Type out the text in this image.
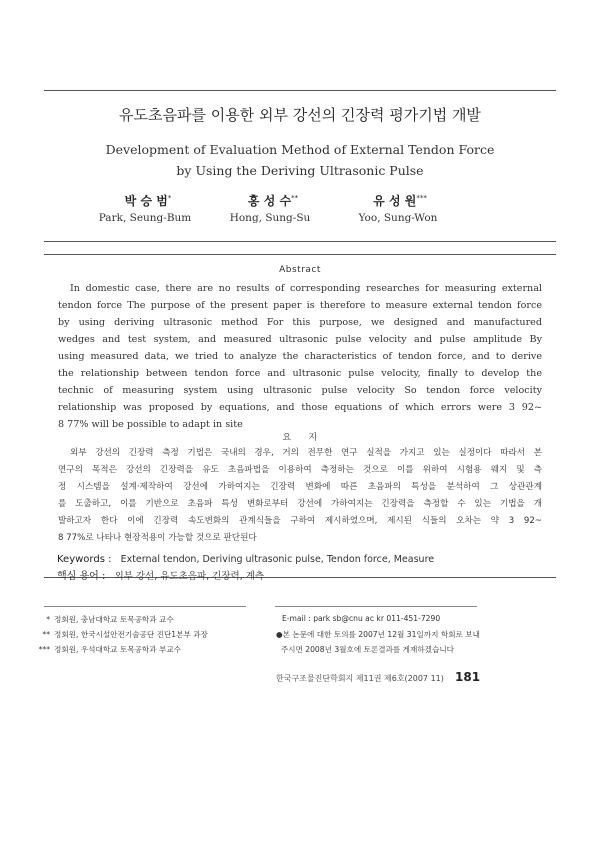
유도초음파를 이용한 외부 강선의 긴장력 평가기법 개발
Development of Evaluation Method of External Tendon Force
by Using the Deriving Ultrasonic Pulse
박 승 범*	홍 성 수**	유 성 원***
Park, Seung-Bum	Hong, Sung-Su	Yoo, Sung-Won
Abstract
In domestic case, there are no results of corresponding researches for measuring external
tendon force The purpose of the present paper is therefore to measure external tendon force
by using deriving ultrasonic method For this purpose, we designed and manufactured
wedges and test system, and measured ultrasonic pulse velocity and pulse amplitude By
using measured data, we tried to analyze the characteristics of tendon force, and to derive
the relationship between tendon force and ultrasonic pulse velocity, finally to develop the
technic of measuring system using ultrasonic pulse velocity So tendon force velocity
relationship was proposed by equations, and those equations of which errors were 3 92~
8 77% will be possible to adapt in site
요     지
외부 강선의 긴장력 측정 기법은 국내의 경우, 거의 전무한 연구 실적을 가지고 있는 실정이다 따라서 본
연구의 목적은 강선의 긴장력을 유도 초음파법을 이용하여 측정하는 것으로 이를 위하여 시험용 웨지 및 측
정 시스템을 설계·제작하여 강선에 가하여지는 긴장력 변화에 따른 초음파의 특성을 분석하여 그 상관관계
를 도출하고, 이를 기반으로 초음파 특성 변화로부터 강선에 가하여지는 긴장력을 측정할 수 있는 기법을 개
발하고자 한다 이에 긴장력 속도변화의 관계식들을 구하여 제시하였으며, 제시된 식들의 오차는 약 3 92~
8 77%로 나타나 현장적용이 가능할 것으로 판단된다
Keywords : External tendon, Deriving ultrasonic pulse, Tendon force, Measure
핵심 용어 : 외부 강선, 유도초음파, 긴장력, 계측
* 정회원, 충남대학교 토목공학과 교수
** 정회원, 한국시설안전기술공단 진단1본부 과장
*** 정회원, 우석대학교 토목공학과 부교수
E-mail : park sb@cnu ac kr 011-451-7290
●본 논문에 대한 토의를 2007년 12월 31일까지 학회로 보내
주시면 2008년 3월호에 토론결과를 게재하겠습니다
한국구조물진단학회지 제11권 제6호(2007 11) 181
